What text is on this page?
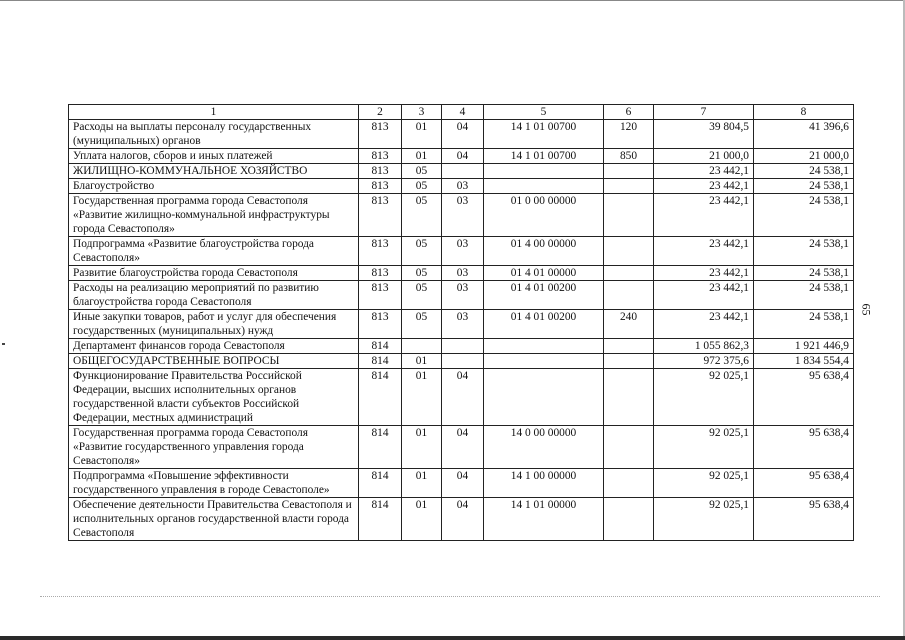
65
1	2	3	4	5	6	7	8
Расходы на выплаты персоналу государственных (муниципальных) органов	813	01	04	14 1 01 00700	120	39 804,5	41 396,6
Уплата налогов, сборов и иных платежей	813	01	04	14 1 01 00700	850	21 000,0	21 000,0
ЖИЛИЩНО-КОММУНАЛЬНОЕ ХОЗЯЙСТВО	813	05				23 442,1	24 538,1
Благоустройство	813	05	03			23 442,1	24 538,1
Государственная программа города Севастополя «Развитие жилищно-коммунальной инфраструктуры города Севастополя»	813	05	03	01 0 00 00000		23 442,1	24 538,1
Подпрограмма «Развитие благоустройства города Севастополя»	813	05	03	01 4 00 00000		23 442,1	24 538,1
Развитие благоустройства города Севастополя	813	05	03	01 4 01 00000		23 442,1	24 538,1
Расходы на реализацию мероприятий по развитию благоустройства города Севастополя	813	05	03	01 4 01 00200		23 442,1	24 538,1
Иные закупки товаров, работ и услуг для обеспечения государственных (муниципальных) нужд	813	05	03	01 4 01 00200	240	23 442,1	24 538,1
Департамент финансов города Севастополя	814					1 055 862,3	1 921 446,9
ОБЩЕГОСУДАРСТВЕННЫЕ ВОПРОСЫ	814	01				972 375,6	1 834 554,4
Функционирование Правительства Российской Федерации, высших исполнительных органов государственной власти субъектов Российской Федерации, местных администраций	814	01	04			92 025,1	95 638,4
Государственная программа города Севастополя «Развитие государственного управления города Севастополя»	814	01	04	14 0 00 00000		92 025,1	95 638,4
Подпрограмма «Повышение эффективности государственного управления в городе Севастополе»	814	01	04	14 1 00 00000		92 025,1	95 638,4
Обеспечение деятельности Правительства Севастополя и исполнительных органов государственной власти города Севастополя	814	01	04	14 1 01 00000		92 025,1	95 638,4
